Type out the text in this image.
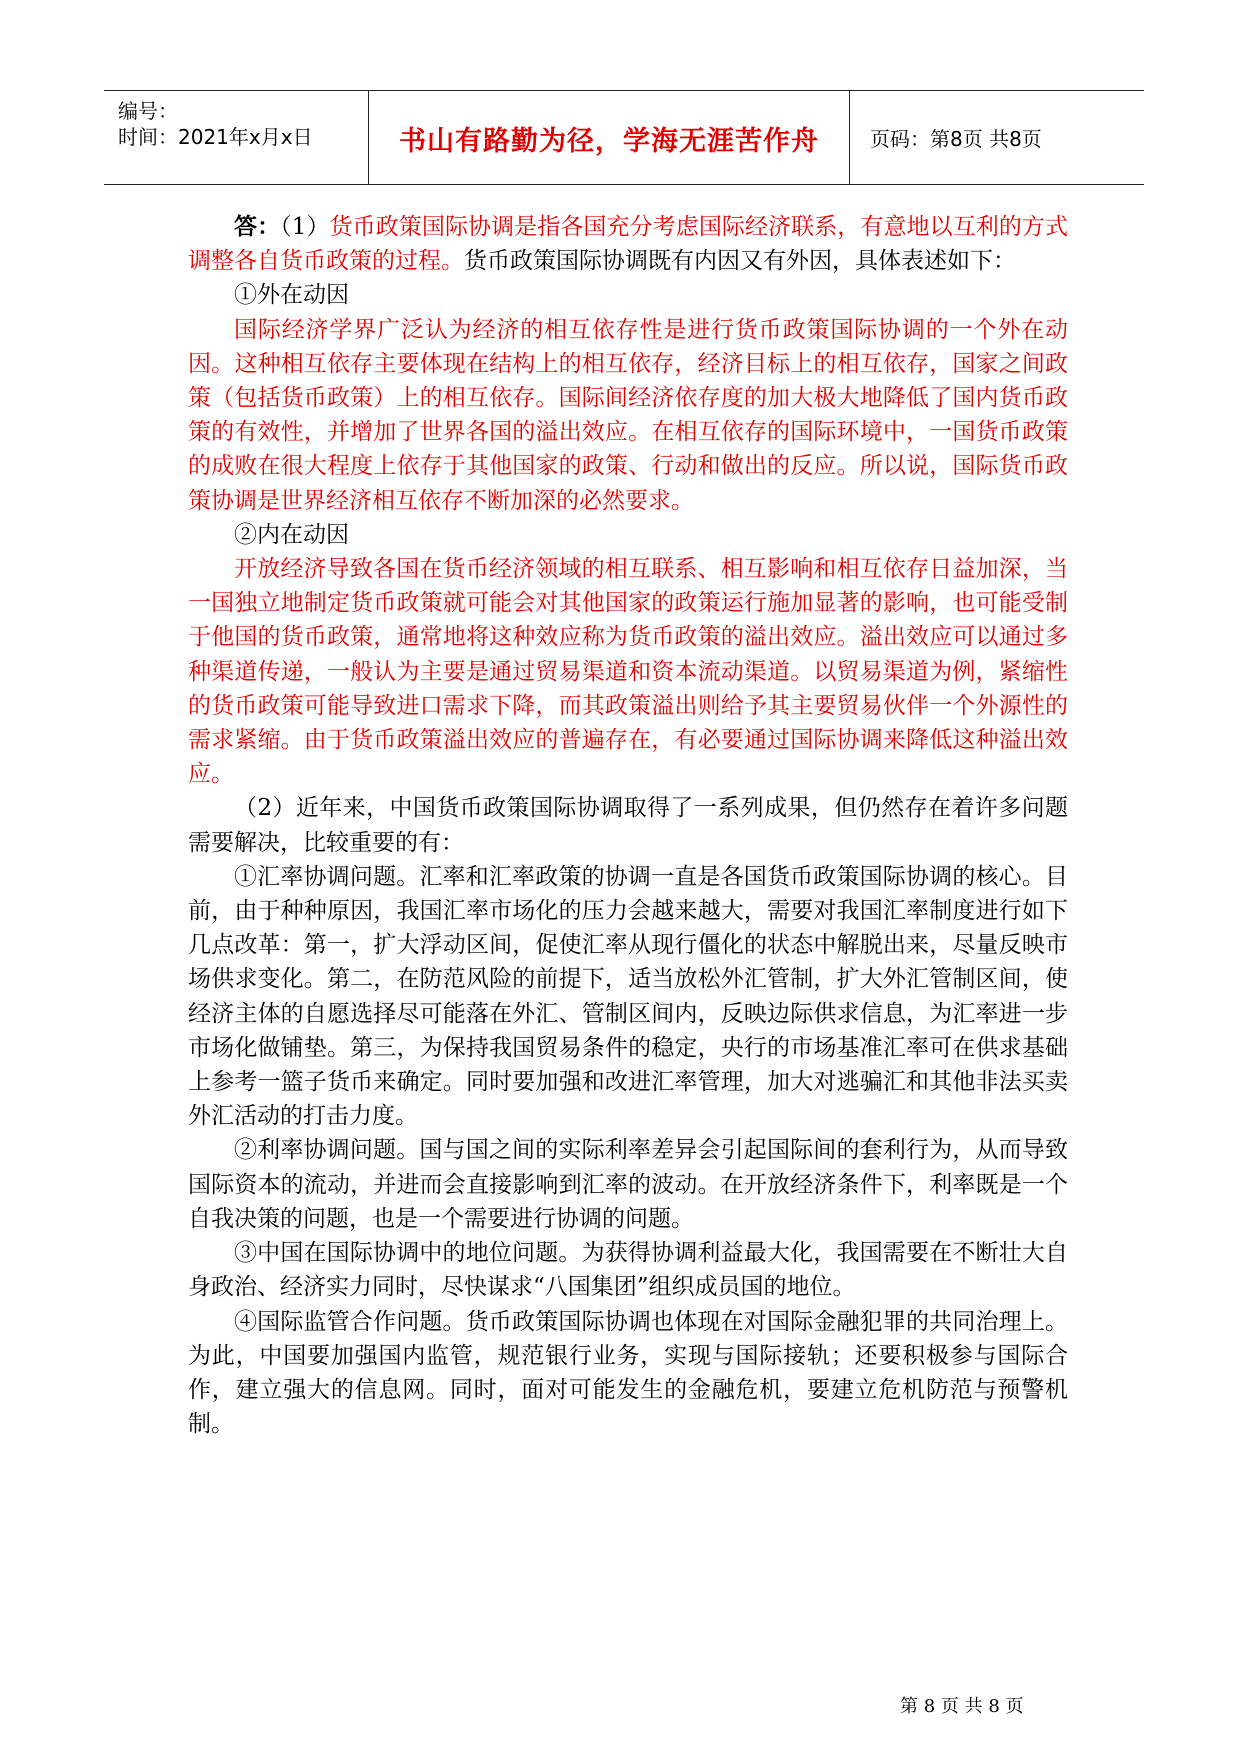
编号：
时间：2021年x月x日	书山有路勤为径，学海无涯苦作舟	页码：第8页 共8页

答：（1）货币政策国际协调是指各国充分考虑国际经济联系，有意地以互利的方式调整各自货币政策的过程。货币政策国际协调既有内因又有外因，具体表述如下：

①外在动因

国际经济学界广泛认为经济的相互依存性是进行货币政策国际协调的一个外在动因。这种相互依存主要体现在结构上的相互依存，经济目标上的相互依存，国家之间政策（包括货币政策）上的相互依存。国际间经济依存度的加大极大地降低了国内货币政策的有效性，并增加了世界各国的溢出效应。在相互依存的国际环境中，一国货币政策的成败在很大程度上依存于其他国家的政策、行动和做出的反应。所以说，国际货币政策协调是世界经济相互依存不断加深的必然要求。

②内在动因

开放经济导致各国在货币经济领域的相互联系、相互影响和相互依存日益加深，当一国独立地制定货币政策就可能会对其他国家的政策运行施加显著的影响，也可能受制于他国的货币政策，通常地将这种效应称为货币政策的溢出效应。溢出效应可以通过多种渠道传递，一般认为主要是通过贸易渠道和资本流动渠道。以贸易渠道为例，紧缩性的货币政策可能导致进口需求下降，而其政策溢出则给予其主要贸易伙伴一个外源性的需求紧缩。由于货币政策溢出效应的普遍存在，有必要通过国际协调来降低这种溢出效应。

（2）近年来，中国货币政策国际协调取得了一系列成果，但仍然存在着许多问题需要解决，比较重要的有：

①汇率协调问题。汇率和汇率政策的协调一直是各国货币政策国际协调的核心。目前，由于种种原因，我国汇率市场化的压力会越来越大，需要对我国汇率制度进行如下几点改革：第一，扩大浮动区间，促使汇率从现行僵化的状态中解脱出来，尽量反映市场供求变化。第二，在防范风险的前提下，适当放松外汇管制，扩大外汇管制区间，使经济主体的自愿选择尽可能落在外汇、管制区间内，反映边际供求信息，为汇率进一步市场化做铺垫。第三，为保持我国贸易条件的稳定，央行的市场基准汇率可在供求基础上参考一篮子货币来确定。同时要加强和改进汇率管理，加大对逃骗汇和其他非法买卖外汇活动的打击力度。

②利率协调问题。国与国之间的实际利率差异会引起国际间的套利行为，从而导致国际资本的流动，并进而会直接影响到汇率的波动。在开放经济条件下，利率既是一个自我决策的问题，也是一个需要进行协调的问题。

③中国在国际协调中的地位问题。为获得协调利益最大化，我国需要在不断壮大自身政治、经济实力同时，尽快谋求“八国集团”组织成员国的地位。

④国际监管合作问题。货币政策国际协调也体现在对国际金融犯罪的共同治理上。为此，中国要加强国内监管，规范银行业务，实现与国际接轨；还要积极参与国际合作，建立强大的信息网。同时，面对可能发生的金融危机，要建立危机防范与预警机制。

第 8 页 共 8 页
